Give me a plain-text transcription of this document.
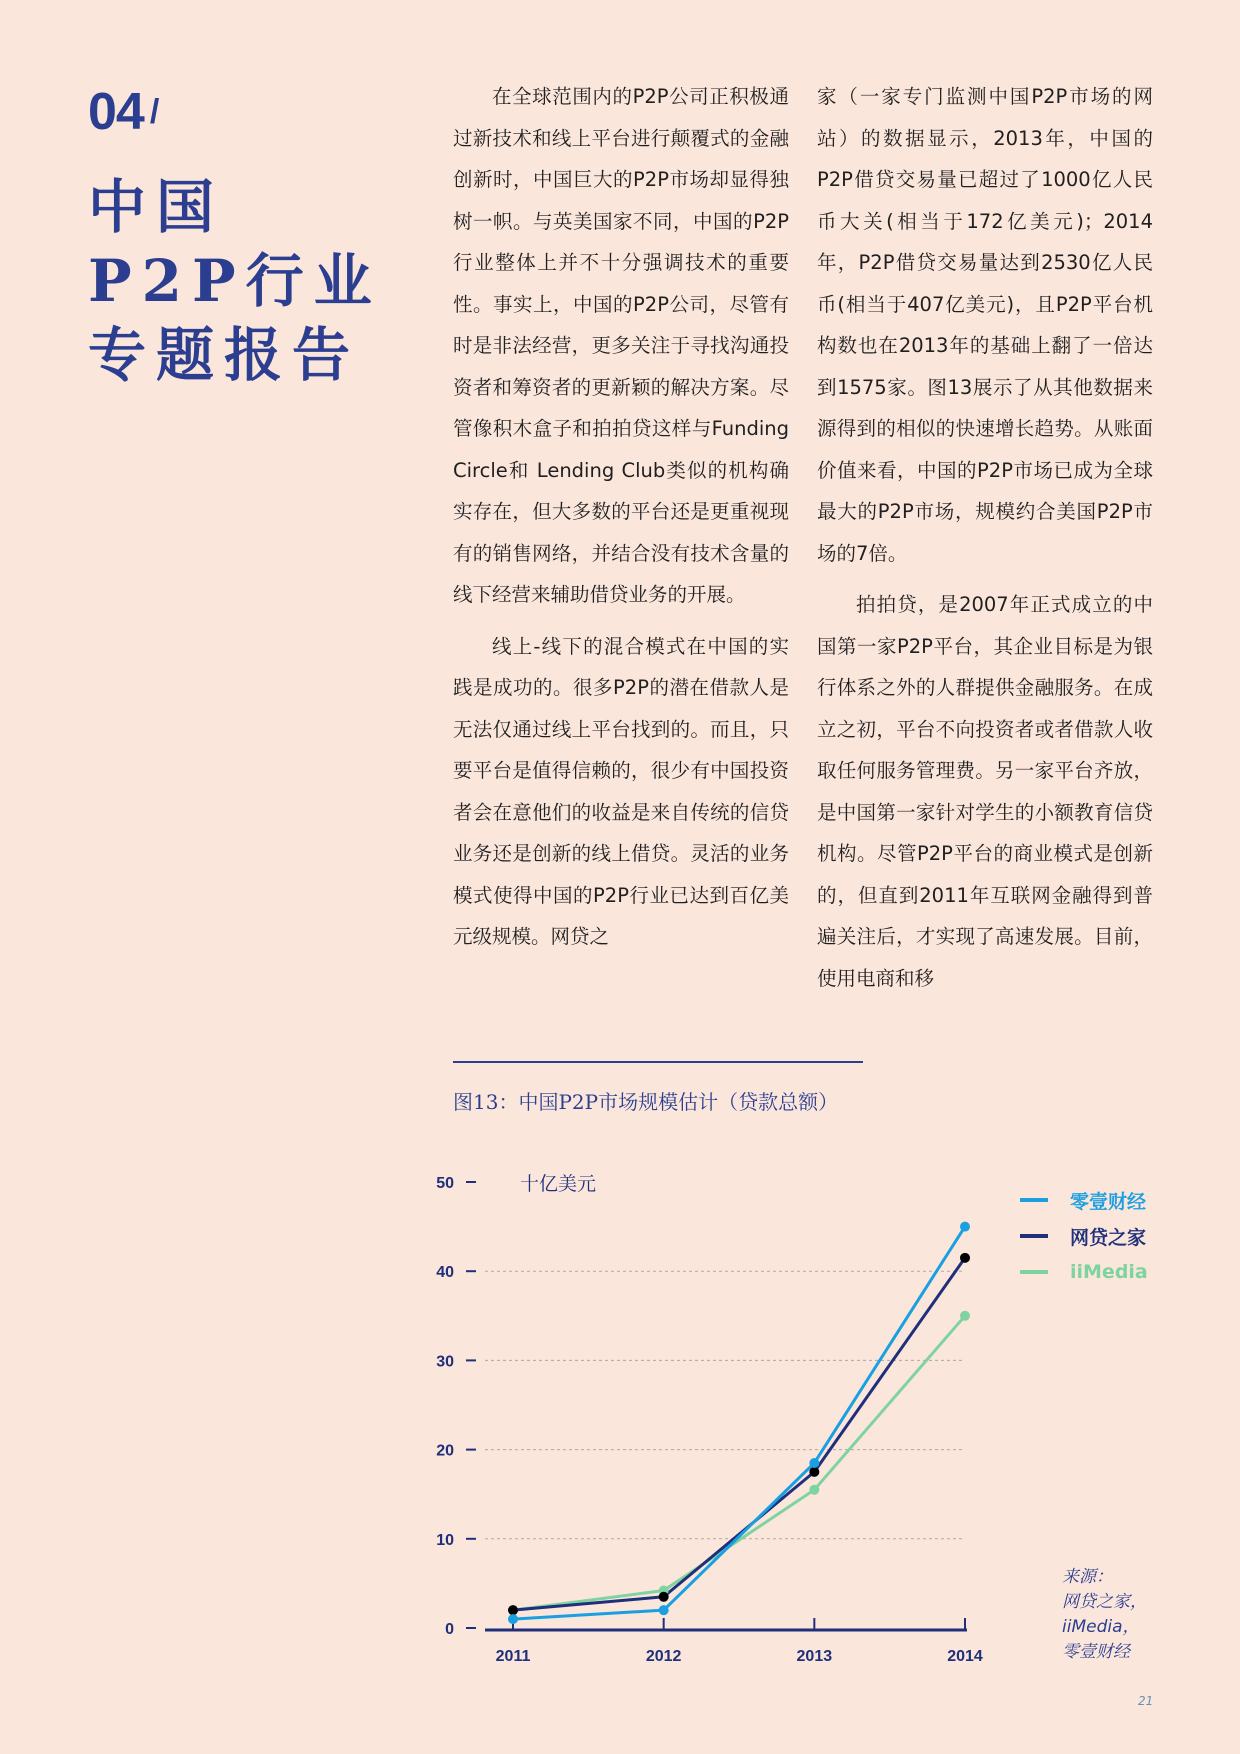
04 /
中国
P2P行业
专题报告

在全球范围内的P2P公司正积极通过新技术和线上平台进行颠覆式的金融创新时，中国巨大的P2P市场却显得独树一帜。与英美国家不同，中国的P2P行业整体上并不十分强调技术的重要性。事实上，中国的P2P公司，尽管有时是非法经营，更多关注于寻找沟通投资者和筹资者的更新颖的解决方案。尽管像积木盒子和拍拍贷这样与Funding Circle和 Lending Club类似的机构确实存在，但大多数的平台还是更重视现有的销售网络，并结合没有技术含量的线下经营来辅助借贷业务的开展。

线上-线下的混合模式在中国的实践是成功的。很多P2P的潜在借款人是无法仅通过线上平台找到的。而且，只要平台是值得信赖的，很少有中国投资者会在意他们的收益是来自传统的信贷业务还是创新的线上借贷。灵活的业务模式使得中国的P2P行业已达到百亿美元级规模。网贷之

家（一家专门监测中国P2P市场的网站）的数据显示，2013年，中国的P2P借贷交易量已超过了1000亿人民币大关(相当于172亿美元)；2014年，P2P借贷交易量达到2530亿人民币(相当于407亿美元)，且P2P平台机构数也在2013年的基础上翻了一倍达到1575家。图13展示了从其他数据来源得到的相似的快速增长趋势。从账面价值来看，中国的P2P市场已成为全球最大的P2P市场，规模约合美国P2P市场的7倍。

拍拍贷，是2007年正式成立的中国第一家P2P平台，其企业目标是为银行体系之外的人群提供金融服务。在成立之初，平台不向投资者或者借款人收取任何服务管理费。另一家平台齐放，是中国第一家针对学生的小额教育信贷机构。尽管P2P平台的商业模式是创新的，但直到2011年互联网金融得到普遍关注后，才实现了高速发展。目前，使用电商和移

图13：中国P2P市场规模估计（贷款总额）
0
10
20
30
40
50	十亿美元
2011	2012	2013	2014
零壹财经
网贷之家
iiMedia
来源：
网贷之家，
iiMedia，
零壹财经
21
